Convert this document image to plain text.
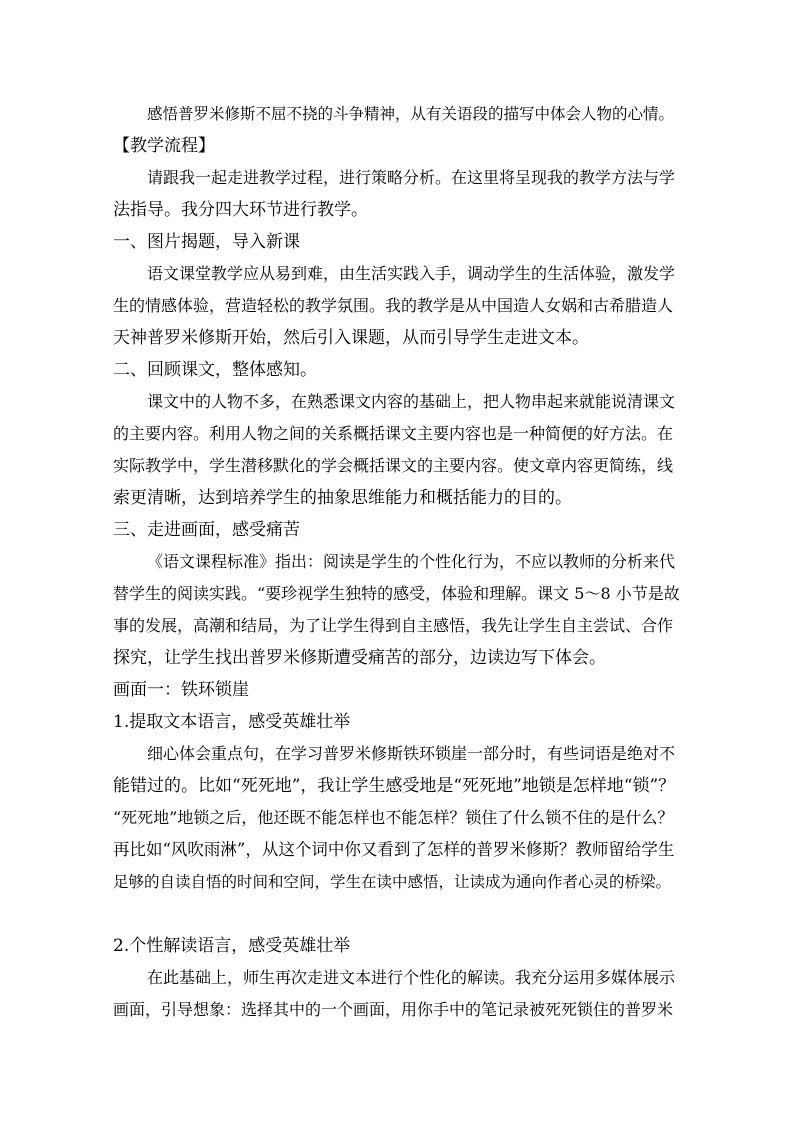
感悟普罗米修斯不屈不挠的斗争精神，从有关语段的描写中体会人物的心情。
【教学流程】
请跟我一起走进教学过程，进行策略分析。在这里将呈现我的教学方法与学
法指导。我分四大环节进行教学。
一、图片揭题，导入新课
语文课堂教学应从易到难，由生活实践入手，调动学生的生活体验，激发学
生的情感体验，营造轻松的教学氛围。我的教学是从中国造人女娲和古希腊造人
天神普罗米修斯开始，然后引入课题，从而引导学生走进文本。
二、回顾课文，整体感知。
课文中的人物不多，在熟悉课文内容的基础上，把人物串起来就能说清课文
的主要内容。利用人物之间的关系概括课文主要内容也是一种简便的好方法。在
实际教学中，学生潜移默化的学会概括课文的主要内容。使文章内容更简练，线
索更清晰，达到培养学生的抽象思维能力和概括能力的目的。
三、走进画面，感受痛苦
《语文课程标准》指出：阅读是学生的个性化行为，不应以教师的分析来代
替学生的阅读实践。“要珍视学生独特的感受，体验和理解。课文 5～8 小节是故
事的发展，高潮和结局，为了让学生得到自主感悟，我先让学生自主尝试、合作
探究，让学生找出普罗米修斯遭受痛苦的部分，边读边写下体会。
画面一：铁环锁崖
1.提取文本语言，感受英雄壮举
细心体会重点句，在学习普罗米修斯铁环锁崖一部分时，有些词语是绝对不
能错过的。比如“死死地”，我让学生感受地是“死死地”地锁是怎样地“锁”？
“死死地”地锁之后，他还既不能怎样也不能怎样？锁住了什么锁不住的是什么？
再比如“风吹雨淋”，从这个词中你又看到了怎样的普罗米修斯？教师留给学生
足够的自读自悟的时间和空间，学生在读中感悟，让读成为通向作者心灵的桥梁。
2.个性解读语言，感受英雄壮举
在此基础上，师生再次走进文本进行个性化的解读。我充分运用多媒体展示
画面，引导想象：选择其中的一个画面，用你手中的笔记录被死死锁住的普罗米
